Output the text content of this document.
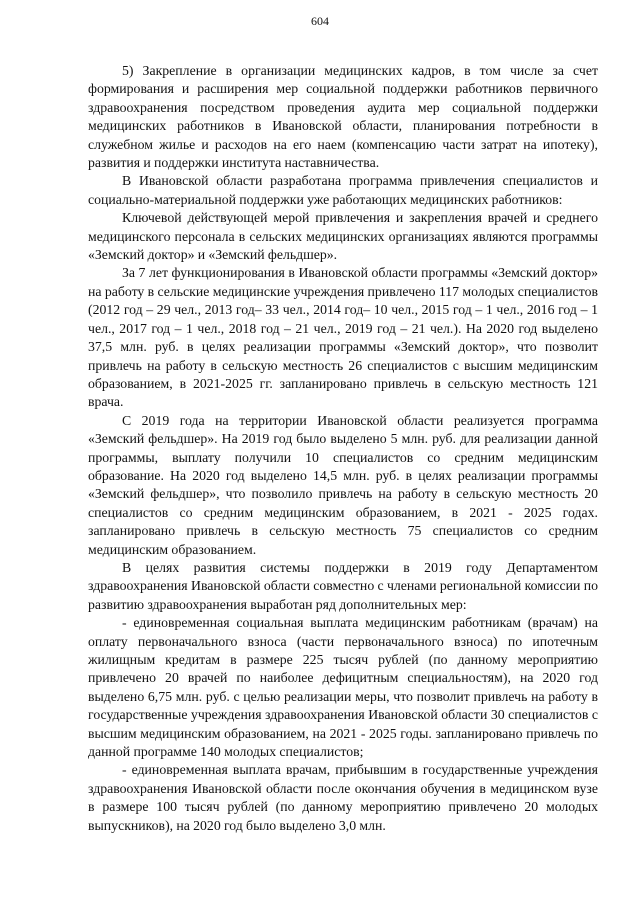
604

5) Закрепление в организации медицинских кадров, в том числе за счет формирования и расширения мер социальной поддержки работников первичного здравоохранения посредством проведения аудита мер социальной поддержки медицинских работников в Ивановской области, планирования потребности в служебном жилье и расходов на его наем (компенсацию части затрат на ипотеку), развития и поддержки института наставничества.

В Ивановской области разработана программа привлечения специалистов и социально-материальной поддержки уже работающих медицинских работников:

Ключевой действующей мерой привлечения и закрепления врачей и среднего медицинского персонала в сельских медицинских организациях являются программы «Земский доктор» и «Земский фельдшер».

За 7 лет функционирования в Ивановской области программы «Земский доктор» на работу в сельские медицинские учреждения привлечено 117 молодых специалистов (2012 год – 29 чел., 2013 год– 33 чел., 2014 год– 10 чел., 2015 год – 1 чел., 2016 год – 1 чел., 2017 год – 1 чел., 2018 год – 21 чел., 2019 год – 21 чел.). На 2020 год выделено 37,5 млн. руб. в целях реализации программы «Земский доктор», что позволит привлечь на работу в сельскую местность 26 специалистов с высшим медицинским образованием, в 2021-2025 гг. запланировано привлечь в сельскую местность 121 врача.

С 2019 года на территории Ивановской области реализуется программа «Земский фельдшер». На 2019 год было выделено 5 млн. руб. для реализации данной программы, выплату получили 10 специалистов со средним медицинским образование. На 2020 год выделено 14,5 млн. руб. в целях реализации программы «Земский фельдшер», что позволило привлечь на работу в сельскую местность 20 специалистов со средним медицинским образованием, в 2021 - 2025 годах. запланировано привлечь в сельскую местность 75 специалистов со средним медицинским образованием.

В целях развития системы поддержки в 2019 году Департаментом здравоохранения Ивановской области совместно с членами региональной комиссии по развитию здравоохранения выработан ряд дополнительных мер:

- единовременная социальная выплата медицинским работникам (врачам) на оплату первоначального взноса (части первоначального взноса) по ипотечным жилищным кредитам в размере 225 тысяч рублей (по данному мероприятию привлечено 20 врачей по наиболее дефицитным специальностям), на 2020 год выделено 6,75 млн. руб. с целью реализации меры, что позволит привлечь на работу в государственные учреждения здравоохранения Ивановской области 30 специалистов с высшим медицинским образованием, на 2021 - 2025 годы. запланировано привлечь по данной программе 140 молодых специалистов;

- единовременная выплата врачам, прибывшим в государственные учреждения здравоохранения Ивановской области после окончания обучения в медицинском вузе в размере 100 тысяч рублей (по данному мероприятию привлечено 20 молодых выпускников), на 2020 год было выделено 3,0 млн.
